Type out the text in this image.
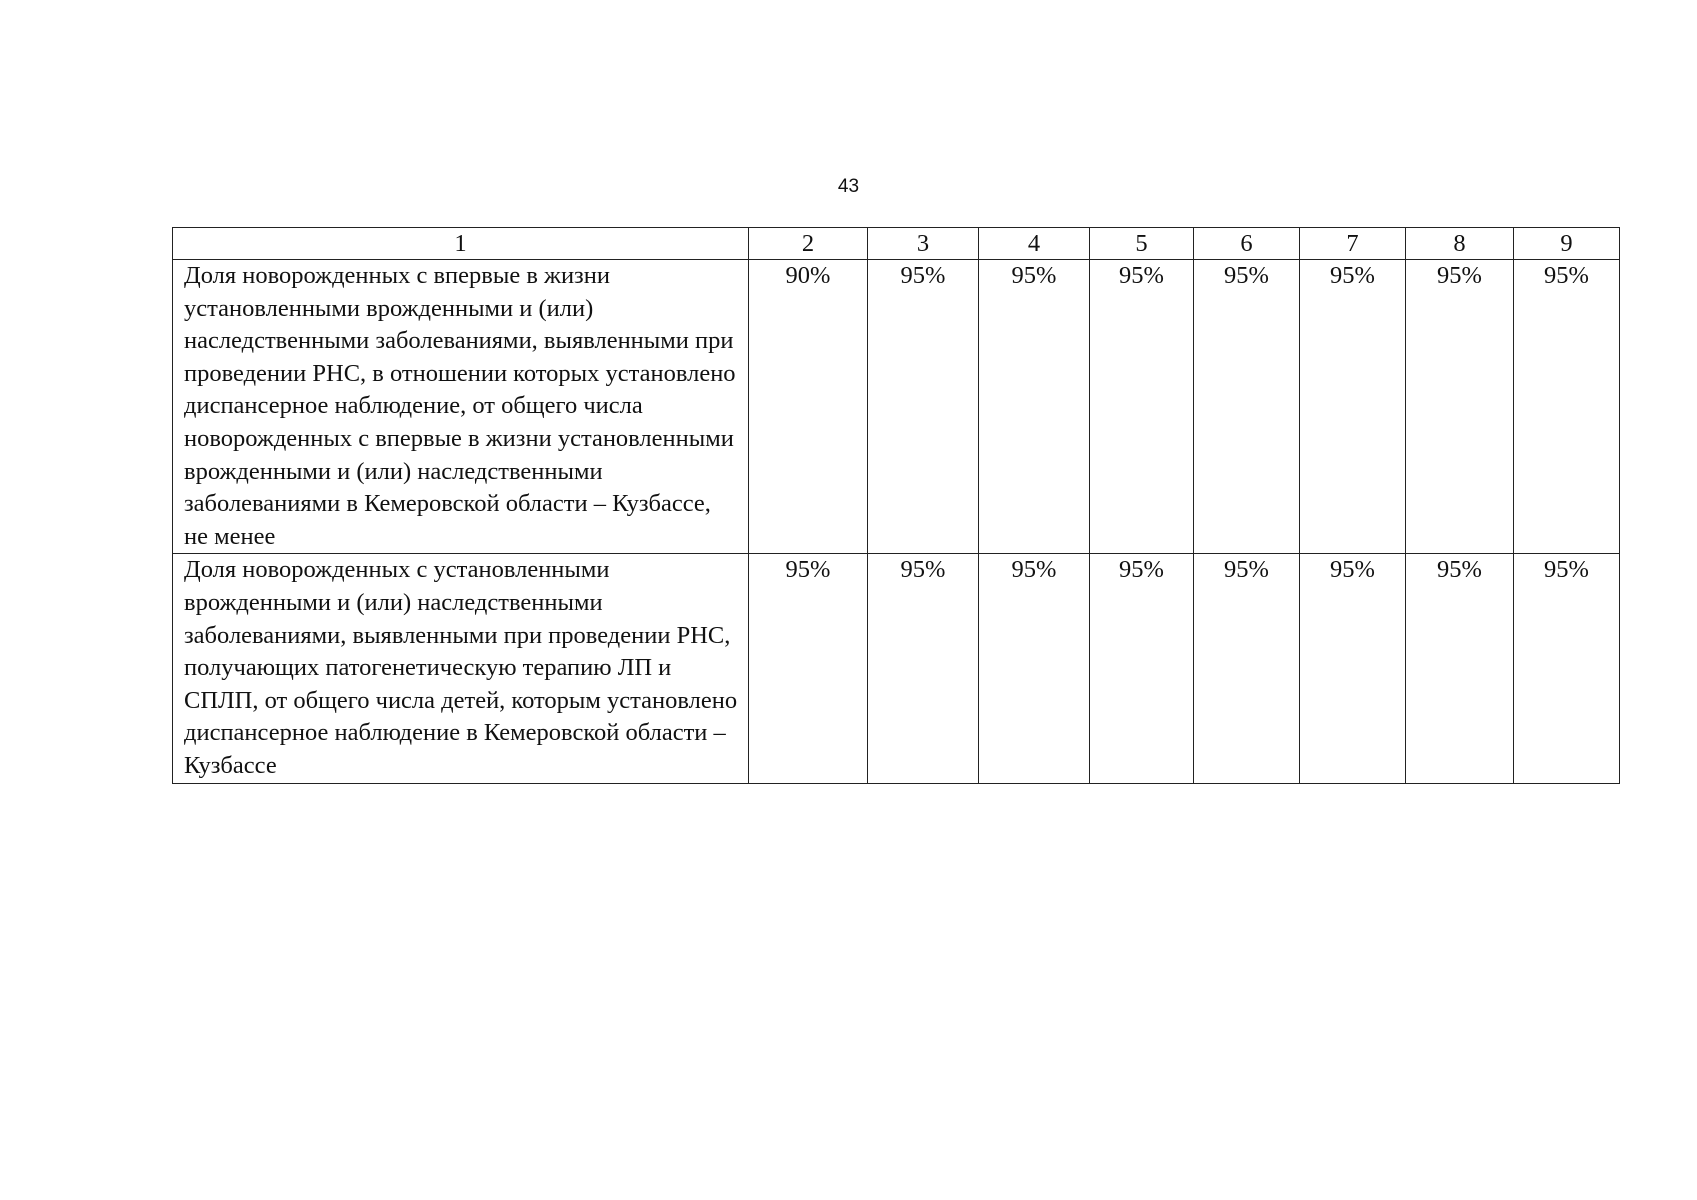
43
1	2	3	4	5	6	7	8	9
Доля новорожденных с впервые в жизни установленными врожденными и (или) наследственными заболеваниями, выявленными при проведении РНС, в отношении которых установлено диспансерное наблюдение, от общего числа новорожденных с впервые в жизни установленными врожденными и (или) наследственными заболеваниями в Кемеровской области – Кузбассе, не менее	90%	95%	95%	95%	95%	95%	95%	95%
Доля новорожденных с установленными врожденными и (или) наследственными заболеваниями, выявленными при проведении РНС, получающих патогенетическую терапию ЛП и СПЛП, от общего числа детей, которым установлено диспансерное наблюдение в Кемеровской области – Кузбассе	95%	95%	95%	95%	95%	95%	95%	95%
